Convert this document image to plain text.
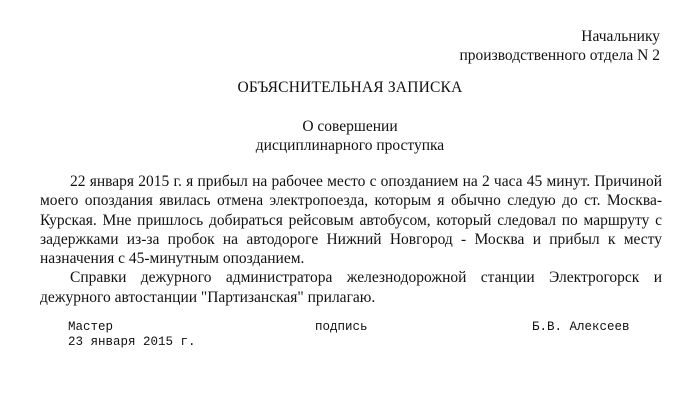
Начальнику
производственного отдела N 2
ОБЪЯСНИТЕЛЬНАЯ ЗАПИСКА
О совершении
дисциплинарного проступка

22 января 2015 г. я прибыл на рабочее место с опозданием на 2 часа 45 минут. Причиной моего опоздания явилась отмена электропоезда, которым я обычно следую до ст. Москва-Курская. Мне пришлось добираться рейсовым автобусом, который следовал по маршруту с задержками из-за пробок на автодороге Нижний Новгород - Москва и прибыл к месту назначения с 45-минутным опозданием.

Справки дежурного администратора железнодорожной станции Электрогорск и дежурного автостанции "Партизанская" прилагаю.

Мастер	подпись	Б.В. Алексеев
23 января 2015 г.
